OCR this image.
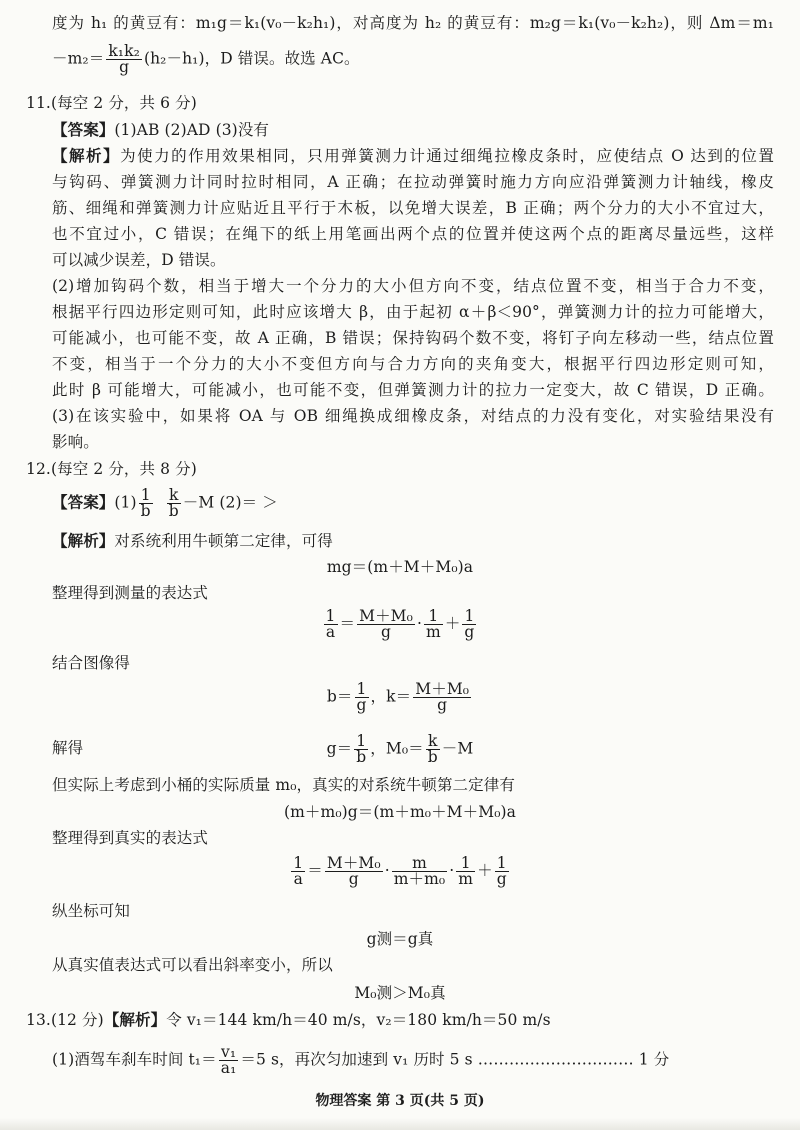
度为 h₁ 的黄豆有：m₁g＝k₁(v₀－k₂h₁)，对高度为 h₂ 的黄豆有：m₂g＝k₁(v₀－k₂h₂)，则 Δm＝m₁
$-m_2= \frac{\text{k₁k₂}}{g} (h_2-h_1)$，D 错误。故选 AC。
11.(每空 2 分，共 6 分)
【答案】(1)AB (2)AD (3)没有
【解析】为使力的作用效果相同，只用弹簧测力计通过细绳拉橡皮条时，应使结点 O 达到的位置
与钩码、弹簧测力计同时拉时相同，A 正确；在拉动弹簧时施力方向应沿弹簧测力计轴线，橡皮
筋、细绳和弹簧测力计应贴近且平行于木板，以免增大误差，B 正确；两个分力的大小不宜过大，
也不宜过小，C 错误；在绳下的纸上用笔画出两个点的位置并使这两个点的距离尽量远些，这样
可以减少误差，D 错误。
(2)增加钩码个数，相当于增大一个分力的大小但方向不变，结点位置不变，相当于合力不变，
根据平行四边形定则可知，此时应该增大 β，由于起初 α＋β＜90°，弹簧测力计的拉力可能增大，
可能减小，也可能不变，故 A 正确，B 错误；保持钩码个数不变，将钉子向左移动一些，结点位置
不变，相当于一个分力的大小不变但方向与合力方向的夹角变大，根据平行四边形定则可知，
此时 β 可能增大，可能减小，也可能不变，但弹簧测力计的拉力一定变大，故 C 错误，D 正确。
(3)在该实验中，如果将 OA 与 OB 细绳换成细橡皮条，对结点的力没有变化，对实验结果没有
影响。
12.(每空 2 分，共 8 分)
【答案】$(1) \frac{1}{b}$
$\frac{k}{b} -M$ (2)＝ ＞
【解析】对系统利用牛顿第二定律，可得
mg＝(m＋M＋M₀)a
整理得到测量的表达式
$\frac{1}{a} = \frac{\text{M＋M₀}}{g} \cdot \frac{1}{m} + \frac{1}{g}$
结合图像得
$b= \frac{1}{g}$ ，$k= \frac{\text{M＋M₀}}{g}$
解得	$g= \frac{1}{b}$ ，$M_0= \frac{k}{b} -M$
但实际上考虑到小桶的实际质量 m₀，真实的对系统牛顿第二定律有
(m＋m₀)g＝(m＋m₀＋M＋M₀)a
整理得到真实的表达式
$\frac{1}{a} = \frac{\text{M＋M₀}}{g} \cdot \frac{m}{\text{m＋m₀}} \cdot \frac{1}{m} + \frac{1}{g}$
纵坐标可知
g测＝g真
从真实值表达式可以看出斜率变小，所以
M₀测＞M₀真
13.(12 分)【解析】令 v₁＝144 km/h＝40 m/s，v₂＝180 km/h＝50 m/s
(1)酒驾车刹车时间 $t_1= \frac{\text{v₁}}{\text{a₁}} =5$ s，再次匀加速到 v₁ 历时 5 s ………………………… 1 分
物理答案 第 3 页(共 5 页)
